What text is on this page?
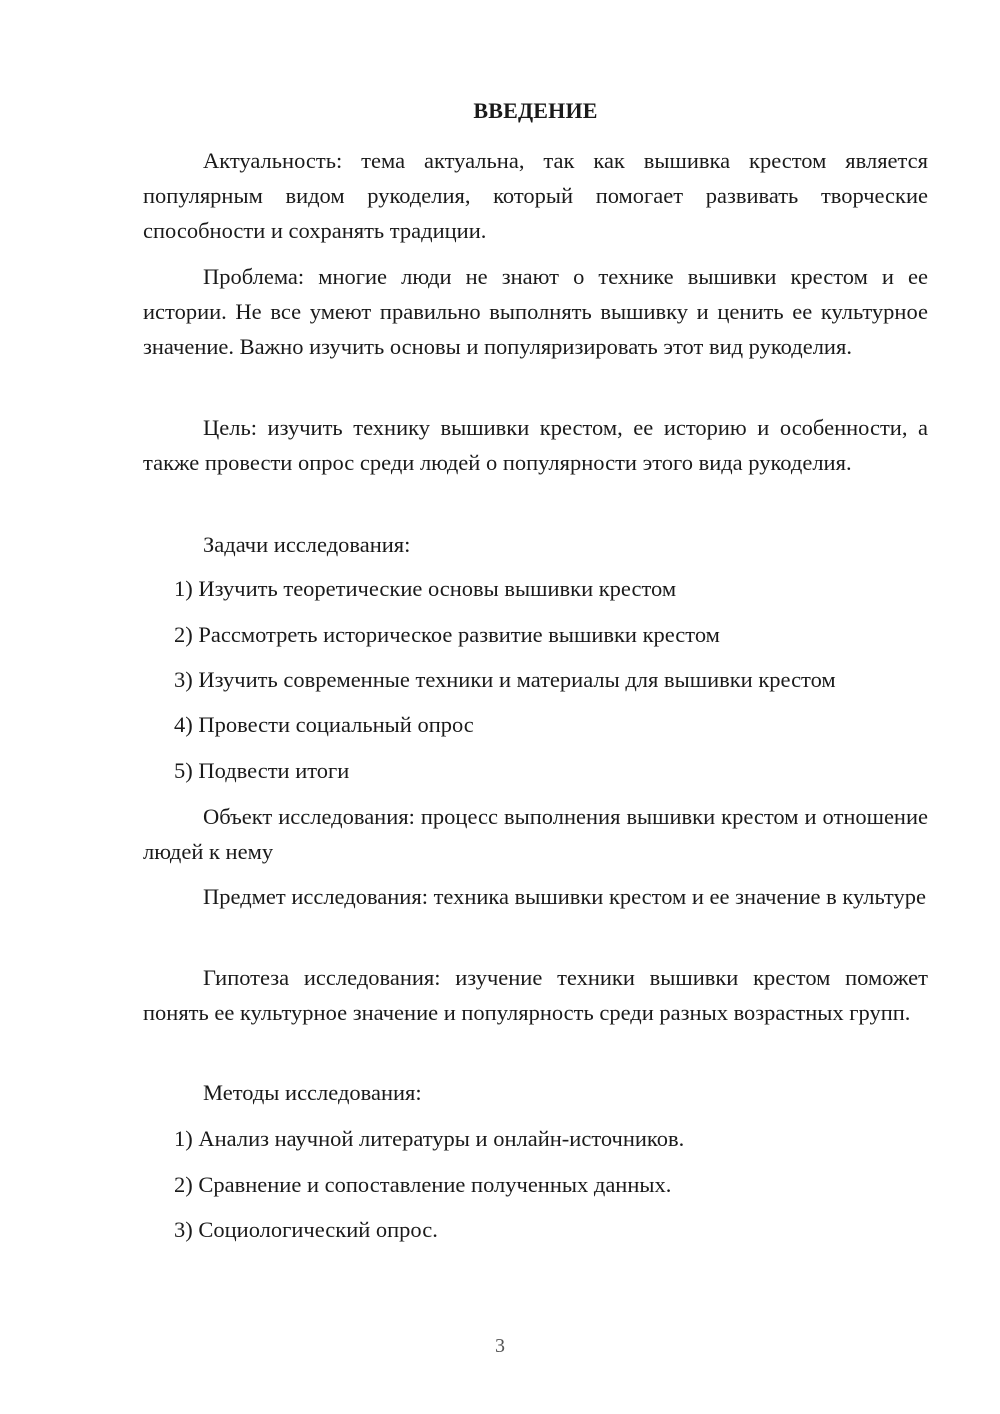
ВВЕДЕНИЕ

Актуальность: тема актуальна, так как вышивка крестом является популярным видом рукоделия, который помогает развивать творческие способности и сохранять традиции.

Проблема: многие люди не знают о технике вышивки крестом и ее истории. Не все умеют правильно выполнять вышивку и ценить ее культурное значение. Важно изучить основы и популяризировать этот вид рукоделия.

Цель: изучить технику вышивки крестом, ее историю и особенности, а также провести опрос среди людей о популярности этого вида рукоделия.

Задачи исследования:

1) Изучить теоретические основы вышивки крестом

2) Рассмотреть историческое развитие вышивки крестом

3) Изучить современные техники и материалы для вышивки крестом

4) Провести социальный опрос

5) Подвести итоги

Объект исследования: процесс выполнения вышивки крестом и отношение людей к нему

Предмет исследования: техника вышивки крестом и ее значение в культуре

Гипотеза исследования: изучение техники вышивки крестом поможет понять ее культурное значение и популярность среди разных возрастных групп.

Методы исследования:

1) Анализ научной литературы и онлайн-источников.

2) Сравнение и сопоставление полученных данных.

3) Социологический опрос.

3
